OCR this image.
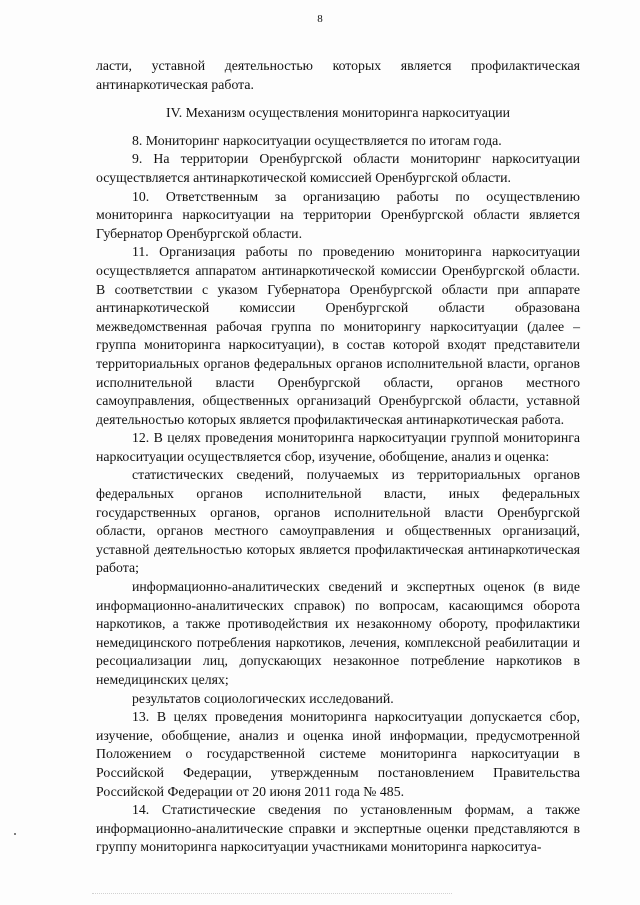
8

ласти, уставной деятельностью которых является профилактическая антинаркотическая работа.

IV. Механизм осуществления мониторинга наркоситуации

8. Мониторинг наркоситуации осуществляется по итогам года.

9. На территории Оренбургской области мониторинг наркоситуации осуществляется антинаркотической комиссией Оренбургской области.

10. Ответственным за организацию работы по осуществлению мониторинга наркоситуации на территории Оренбургской области является Губернатор Оренбургской области.

11. Организация работы по проведению мониторинга наркоситуации осуществляется аппаратом антинаркотической комиссии Оренбургской области. В соответствии с указом Губернатора Оренбургской области при аппарате антинаркотической комиссии Оренбургской области образована межведомственная рабочая группа по мониторингу наркоситуации (далее – группа мониторинга наркоситуации), в состав которой входят представители территориальных органов федеральных органов исполнительной власти, органов исполнительной власти Оренбургской области, органов местного самоуправления, общественных организаций Оренбургской области, уставной деятельностью которых является профилактическая антинаркотическая работа.

12. В целях проведения мониторинга наркоситуации группой мониторинга наркоситуации осуществляется сбор, изучение, обобщение, анализ и оценка:

статистических сведений, получаемых из территориальных органов федеральных органов исполнительной власти, иных федеральных государственных органов, органов исполнительной власти Оренбургской области, органов местного самоуправления и общественных организаций, уставной деятельностью которых является профилактическая антинаркотическая работа;

информационно-аналитических сведений и экспертных оценок (в виде информационно-аналитических справок) по вопросам, касающимся оборота наркотиков, а также противодействия их незаконному обороту, профилактики немедицинского потребления наркотиков, лечения, комплексной реабилитации и ресоциализации лиц, допускающих незаконное потребление наркотиков в немедицинских целях;

результатов социологических исследований.

13. В целях проведения мониторинга наркоситуации допускается сбор, изучение, обобщение, анализ и оценка иной информации, предусмотренной Положением о государственной системе мониторинга наркоситуации в Российской Федерации, утвержденным постановлением Правительства Российской Федерации от 20 июня 2011 года № 485.

14. Статистические сведения по установленным формам, а также информационно-аналитические справки и экспертные оценки представляются в группу мониторинга наркоситуации участниками мониторинга наркоситуа-
